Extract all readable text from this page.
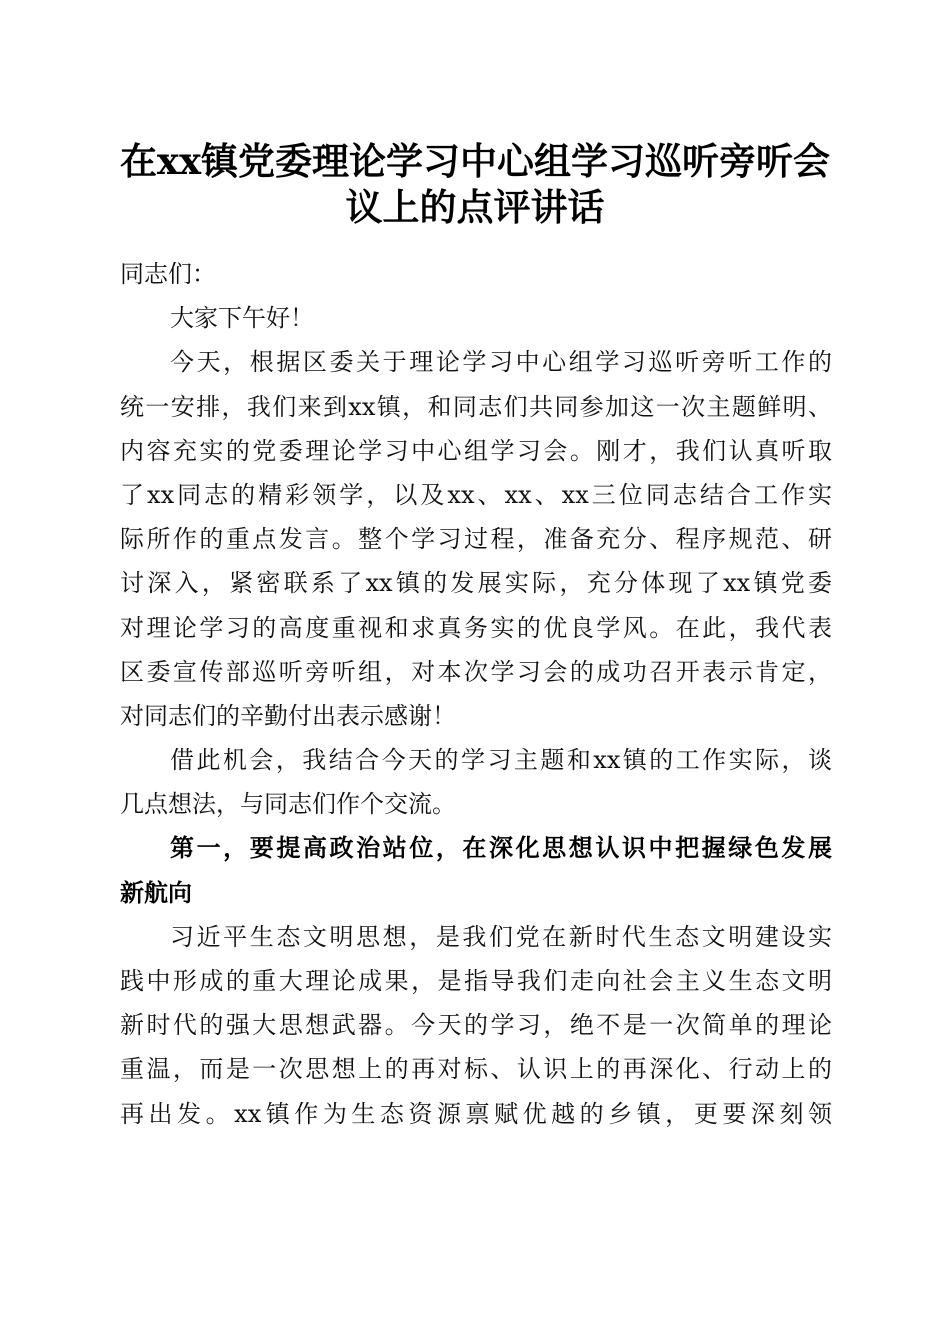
在xx镇党委理论学习中心组学习巡听旁听会
议上的点评讲话
同志们：
大家下午好！
今天，根据区委关于理论学习中心组学习巡听旁听工作的
统一安排，我们来到xx镇，和同志们共同参加这一次主题鲜明、
内容充实的党委理论学习中心组学习会。刚才，我们认真听取
了xx同志的精彩领学，以及xx、xx、xx三位同志结合工作实
际所作的重点发言。整个学习过程，准备充分、程序规范、研
讨深入，紧密联系了xx镇的发展实际，充分体现了xx镇党委
对理论学习的高度重视和求真务实的优良学风。在此，我代表
区委宣传部巡听旁听组，对本次学习会的成功召开表示肯定，
对同志们的辛勤付出表示感谢！
借此机会，我结合今天的学习主题和xx镇的工作实际，谈
几点想法，与同志们作个交流。
第一，要提高政治站位，在深化思想认识中把握绿色发展
新航向
习近平生态文明思想，是我们党在新时代生态文明建设实
践中形成的重大理论成果，是指导我们走向社会主义生态文明
新时代的强大思想武器。今天的学习，绝不是一次简单的理论
重温，而是一次思想上的再对标、认识上的再深化、行动上的
再出发。xx镇作为生态资源禀赋优越的乡镇，更要深刻领
